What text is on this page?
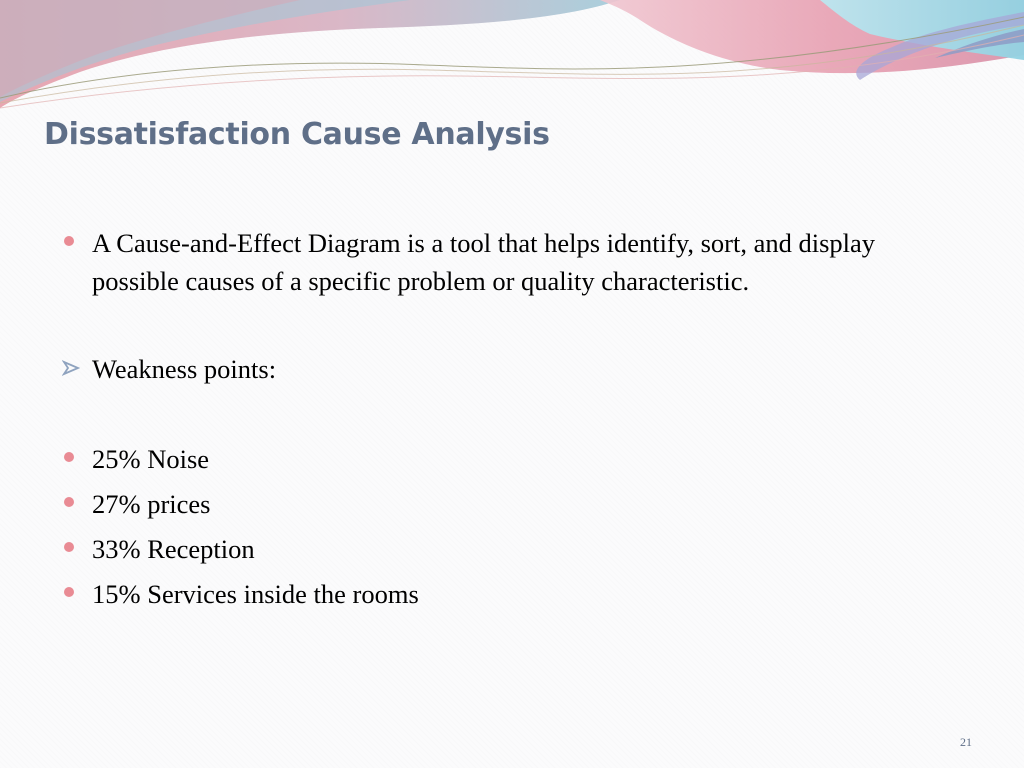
Dissatisfaction Cause Analysis
A Cause-and-Effect Diagram is a tool that helps identify, sort, and display possible causes of a specific problem or quality characteristic.
Weakness points:
25% Noise
27% prices
33% Reception
15% Services inside the rooms
21
